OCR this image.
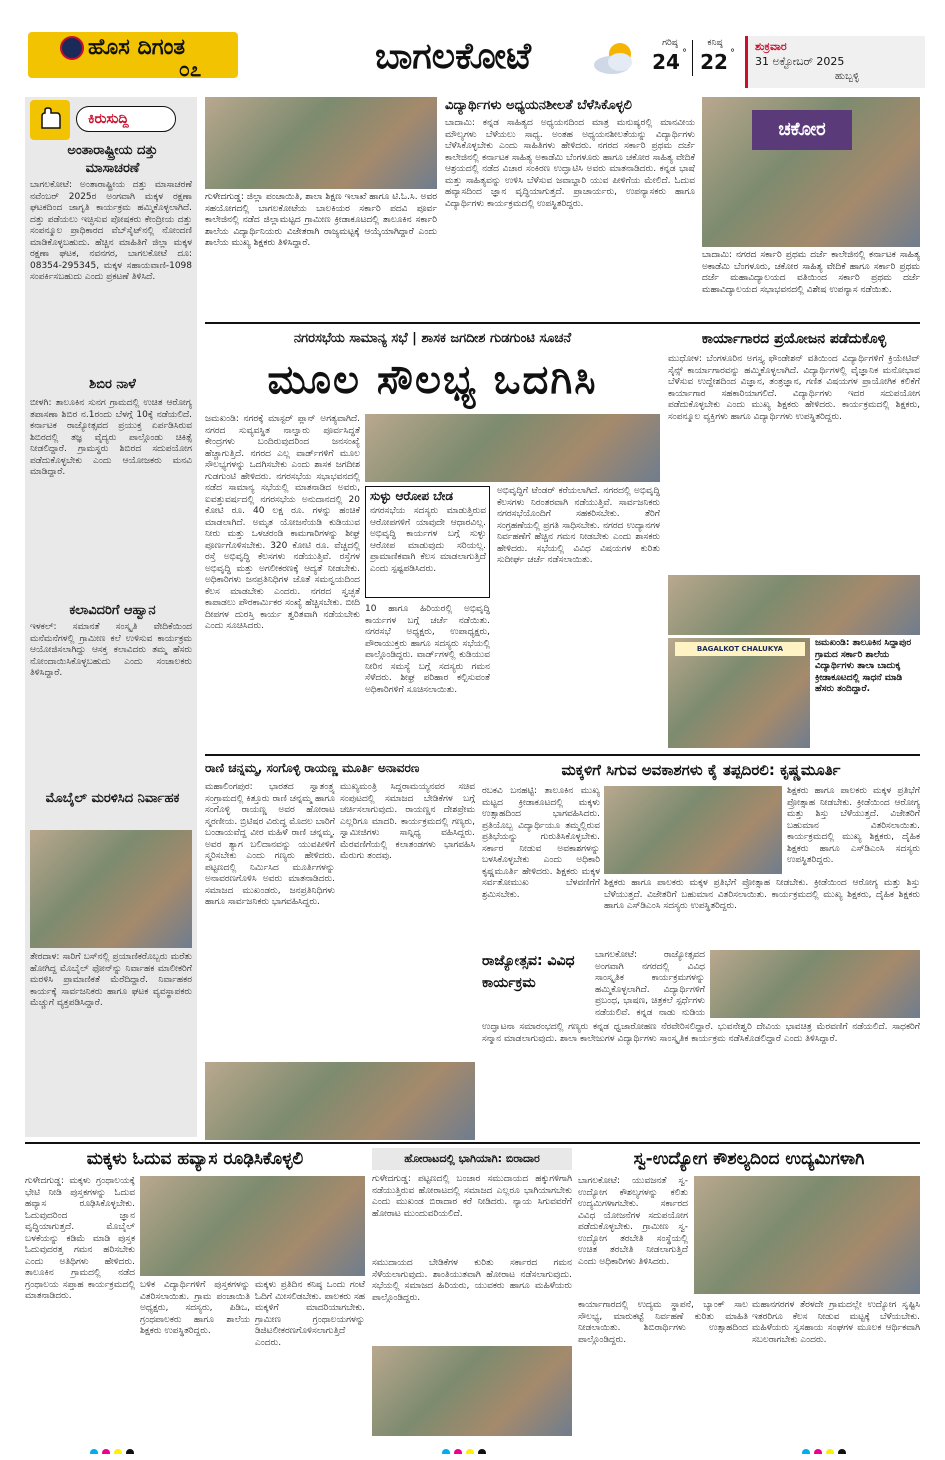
ಹೊಸ ದಿಗಂತ
೦೭	ಬಾಗಲಕೋಟೆ	ಗರಿಷ್ಠ
24 °
ಕನಿಷ್ಠ
22 °
ಶುಕ್ರವಾರ
31 ಅಕ್ಟೋಬರ್ 2025
ಹುಬ್ಬಳ್ಳಿ
ಕಿರುಸುದ್ದಿ
ಅಂತಾರಾಷ್ಟ್ರೀಯ ದತ್ತು ಮಾಸಾಚರಣೆ
ಬಾಗಲಕೋಟೆ: ಅಂತಾರಾಷ್ಟ್ರೀಯ ದತ್ತು ಮಾಸಾಚರಣೆ ನವೆಂಬರ್ 2025ರ ಅಂಗವಾಗಿ ಮಕ್ಕಳ ರಕ್ಷಣಾ ಘಟಕದಿಂದ ಜಾಗೃತಿ ಕಾರ್ಯಕ್ರಮ ಹಮ್ಮಿಕೊಳ್ಳಲಾಗಿದೆ. ದತ್ತು ಪಡೆಯಲು ಇಚ್ಛಿಸುವ ಪೋಷಕರು ಕೇಂದ್ರೀಯ ದತ್ತು ಸಂಪನ್ಮೂಲ ಪ್ರಾಧಿಕಾರದ ವೆಬ್‌ಸೈಟ್‌ನಲ್ಲಿ ನೋಂದಣಿ ಮಾಡಿಕೊಳ್ಳಬಹುದು. ಹೆಚ್ಚಿನ ಮಾಹಿತಿಗೆ ಜಿಲ್ಲಾ ಮಕ್ಕಳ ರಕ್ಷಣಾ ಘಟಕ, ನವನಗರ, ಬಾಗಲಕೋಟೆ ದೂ: 08354-295345, ಮಕ್ಕಳ ಸಹಾಯವಾಣಿ-1098 ಸಂಪರ್ಕಿಸಬಹುದು ಎಂದು ಪ್ರಕಟಣೆ ತಿಳಿಸಿದೆ.
ಶಿಬಿರ ನಾಳೆ
ಬೀಳಗಿ: ತಾಲೂಕಿನ ಸುನಗ ಗ್ರಾಮದಲ್ಲಿ ಉಚಿತ ಆರೋಗ್ಯ ತಪಾಸಣಾ ಶಿಬಿರ ನ.1ರಂದು ಬೆಳಗ್ಗೆ 10ಕ್ಕೆ ನಡೆಯಲಿದೆ. ಕರ್ನಾಟಕ ರಾಜ್ಯೋತ್ಸವದ ಪ್ರಯುಕ್ತ ಏರ್ಪಡಿಸಿರುವ ಶಿಬಿರದಲ್ಲಿ ತಜ್ಞ ವೈದ್ಯರು ಪಾಲ್ಗೊಂಡು ಚಿಕಿತ್ಸೆ ನೀಡಲಿದ್ದಾರೆ. ಗ್ರಾಮಸ್ಥರು ಶಿಬಿರದ ಸದುಪಯೋಗ ಪಡೆದುಕೊಳ್ಳಬೇಕು ಎಂದು ಆಯೋಜಕರು ಮನವಿ ಮಾಡಿದ್ದಾರೆ.
ಕಲಾವಿದರಿಗೆ ಆಹ್ವಾನ
ಇಳಕಲ್: ಸಮಾನತೆ ಸಂಸ್ಕೃತಿ ವೇದಿಕೆಯಿಂದ ಮನೆಮನೆಗಳಲ್ಲಿ ಗ್ರಾಮೀಣ ಕಲೆ ಉಳಿಸುವ ಕಾರ್ಯಕ್ರಮ ಆಯೋಜಿಸಲಾಗಿದ್ದು ಆಸಕ್ತ ಕಲಾವಿದರು ತಮ್ಮ ಹೆಸರು ನೋಂದಾಯಿಸಿಕೊಳ್ಳಬಹುದು ಎಂದು ಸಂಚಾಲಕರು ತಿಳಿಸಿದ್ದಾರೆ.
ಮೊಬೈಲ್ ಮರಳಿಸಿದ ನಿರ್ವಾಹಕ
ತೇರದಾಳ: ಸಾರಿಗೆ ಬಸ್‌ನಲ್ಲಿ ಪ್ರಯಾಣಿಕರೊಬ್ಬರು ಮರೆತು ಹೋಗಿದ್ದ ಮೊಬೈಲ್ ಫೋನ್‌ನ್ನು ನಿರ್ವಾಹಕ ಮಾಲೀಕರಿಗೆ ಮರಳಿಸಿ ಪ್ರಾಮಾಣಿಕತೆ ಮೆರೆದಿದ್ದಾರೆ. ನಿರ್ವಾಹಕರ ಕಾರ್ಯಕ್ಕೆ ಸಾರ್ವಜನಿಕರು ಹಾಗೂ ಘಟಕ ವ್ಯವಸ್ಥಾಪಕರು ಮೆಚ್ಚುಗೆ ವ್ಯಕ್ತಪಡಿಸಿದ್ದಾರೆ.
ಗುಳೇದಗುಡ್ಡ: ಜಿಲ್ಲಾ ಪಂಚಾಯಿತಿ, ಶಾಲಾ ಶಿಕ್ಷಣ ಇಲಾಖೆ ಹಾಗೂ ಟಿ.ಓ.ಸಿ. ಅವರ ಸಹಯೋಗದಲ್ಲಿ ಬಾಗಲಕೋಟೆಯ ಬಾಲಕಿಯರ ಸರ್ಕಾರಿ ಪದವಿ ಪೂರ್ವ ಕಾಲೇಜಿನಲ್ಲಿ ನಡೆದ ಜಿಲ್ಲಾಮಟ್ಟದ ಗ್ರಾಮೀಣ ಕ್ರೀಡಾಕೂಟದಲ್ಲಿ ತಾಲೂಕಿನ ಸರ್ಕಾರಿ ಶಾಲೆಯ ವಿದ್ಯಾರ್ಥಿನಿಯರು ವಿಜೇತರಾಗಿ ರಾಜ್ಯಮಟ್ಟಕ್ಕೆ ಆಯ್ಕೆಯಾಗಿದ್ದಾರೆ ಎಂದು ಶಾಲೆಯ ಮುಖ್ಯ ಶಿಕ್ಷಕರು ತಿಳಿಸಿದ್ದಾರೆ.
ವಿದ್ಯಾರ್ಥಿಗಳು ಅಧ್ಯಯನಶೀಲತೆ ಬೆಳೆಸಿಕೊಳ್ಳಲಿ
ಬಾದಾಮಿ: ಕನ್ನಡ ಸಾಹಿತ್ಯದ ಅಧ್ಯಯನದಿಂದ ಮಾತ್ರ ಮನುಷ್ಯರಲ್ಲಿ ಮಾನವೀಯ ಮೌಲ್ಯಗಳು ಬೆಳೆಯಲು ಸಾಧ್ಯ. ಅಂತಹ ಅಧ್ಯಯನಶೀಲತೆಯನ್ನು ವಿದ್ಯಾರ್ಥಿಗಳು ಬೆಳೆಸಿಕೊಳ್ಳಬೇಕು ಎಂದು ಸಾಹಿತಿಗಳು ಹೇಳಿದರು. ನಗರದ ಸರ್ಕಾರಿ ಪ್ರಥಮ ದರ್ಜೆ ಕಾಲೇಜಿನಲ್ಲಿ ಕರ್ನಾಟಕ ಸಾಹಿತ್ಯ ಅಕಾಡೆಮಿ ಬೆಂಗಳೂರು ಹಾಗೂ ಚಕೋರ ಸಾಹಿತ್ಯ ವೇದಿಕೆ ಆಶ್ರಯದಲ್ಲಿ ನಡೆದ ವಿಚಾರ ಸಂಕಿರಣ ಉದ್ಘಾಟಿಸಿ ಅವರು ಮಾತನಾಡಿದರು. ಕನ್ನಡ ಭಾಷೆ ಮತ್ತು ಸಾಹಿತ್ಯವನ್ನು ಉಳಿಸಿ ಬೆಳೆಸುವ ಜವಾಬ್ದಾರಿ ಯುವ ಪೀಳಿಗೆಯ ಮೇಲಿದೆ. ಓದುವ ಹವ್ಯಾಸದಿಂದ ಜ್ಞಾನ ವೃದ್ಧಿಯಾಗುತ್ತದೆ. ಪ್ರಾಚಾರ್ಯರು, ಉಪನ್ಯಾಸಕರು ಹಾಗೂ ವಿದ್ಯಾರ್ಥಿಗಳು ಕಾರ್ಯಕ್ರಮದಲ್ಲಿ ಉಪಸ್ಥಿತರಿದ್ದರು.
ಚಕೋರ
ಬಾದಾಮಿ: ನಗರದ ಸರ್ಕಾರಿ ಪ್ರಥಮ ದರ್ಜೆ ಕಾಲೇಜಿನಲ್ಲಿ ಕರ್ನಾಟಕ ಸಾಹಿತ್ಯ ಅಕಾಡೆಮಿ ಬೆಂಗಳೂರು, ಚಕೋರ ಸಾಹಿತ್ಯ ವೇದಿಕೆ ಹಾಗೂ ಸರ್ಕಾರಿ ಪ್ರಥಮ ದರ್ಜೆ ಮಹಾವಿದ್ಯಾಲಯದ ವತಿಯಿಂದ ಸರ್ಕಾರಿ ಪ್ರಥಮ ದರ್ಜೆ ಮಹಾವಿದ್ಯಾಲಯದ ಸಭಾಭವನದಲ್ಲಿ ವಿಶೇಷ ಉಪನ್ಯಾಸ ನಡೆಯಿತು.
ನಗರಸಭೆಯ ಸಾಮಾನ್ಯ ಸಭೆ | ಶಾಸಕ ಜಗದೀಶ ಗುಡಗುಂಟಿ ಸೂಚನೆ
ಮೂಲ ಸೌಲಭ್ಯ ಒದಗಿಸಿ
ಜಮಖಂಡಿ: ನಗರಕ್ಕೆ ಮಾಸ್ಟರ್ ಪ್ಲಾನ್ ಅಗತ್ಯವಾಗಿದೆ. ನಗರದ ಸುವ್ಯವಸ್ಥಿತ ನಾಲ್ವಾರು ಪೂರ್ವಸಿದ್ಧತೆ ಕೇಂದ್ರಗಳು ಬಂದಿರುವುದರಿಂದ ಜನಸಂಖ್ಯೆ ಹೆಚ್ಚಾಗುತ್ತಿದೆ. ನಗರದ ಎಲ್ಲ ವಾರ್ಡ್‌ಗಳಿಗೆ ಮೂಲ ಸೌಲಭ್ಯಗಳನ್ನು ಒದಗಿಸಬೇಕು ಎಂದು ಶಾಸಕ ಜಗದೀಶ ಗುಡಗುಂಟಿ ಹೇಳಿದರು. ನಗರಸಭೆಯ ಸಭಾಭವನದಲ್ಲಿ ನಡೆದ ಸಾಮಾನ್ಯ ಸಭೆಯಲ್ಲಿ ಮಾತನಾಡಿದ ಅವರು, ಐವತ್ತುವರ್ಷದಲ್ಲಿ ನಗರಸಭೆಯ ಅನುದಾನದಲ್ಲಿ 20 ಕೋಟಿ ರೂ. 40 ಲಕ್ಷ ರೂ. ಗಳನ್ನು ಹಂಚಿಕೆ ಮಾಡಲಾಗಿದೆ. ಅಮೃತ ಯೋಜನೆಯಡಿ ಕುಡಿಯುವ ನೀರು ಮತ್ತು ಒಳಚರಂಡಿ ಕಾಮಗಾರಿಗಳನ್ನು ಶೀಘ್ರ ಪೂರ್ಣಗೊಳಿಸಬೇಕು. 320 ಕೋಟಿ ರೂ. ವೆಚ್ಚದಲ್ಲಿ ರಸ್ತೆ ಅಭಿವೃದ್ಧಿ ಕೆಲಸಗಳು ನಡೆಯುತ್ತಿವೆ. ರಸ್ತೆಗಳ ಅಭಿವೃದ್ಧಿ ಮತ್ತು ಅಗಲೀಕರಣಕ್ಕೆ ಆದ್ಯತೆ ನೀಡಬೇಕು. ಅಧಿಕಾರಿಗಳು ಜನಪ್ರತಿನಿಧಿಗಳ ಜೊತೆ ಸಮನ್ವಯದಿಂದ ಕೆಲಸ ಮಾಡಬೇಕು ಎಂದರು. ನಗರದ ಸ್ವಚ್ಛತೆ ಕಾಪಾಡಲು ಪೌರಕಾರ್ಮಿಕರ ಸಂಖ್ಯೆ ಹೆಚ್ಚಿಸಬೇಕು. ಬೀದಿ ದೀಪಗಳ ದುರಸ್ತಿ ಕಾರ್ಯ ತ್ವರಿತವಾಗಿ ನಡೆಯಬೇಕು ಎಂದು ಸೂಚಿಸಿದರು.
ಸುಳ್ಳು ಆರೋಪ ಬೇಡ
ನಗರಸಭೆಯ ಸದಸ್ಯರು ಮಾಡುತ್ತಿರುವ ಆರೋಪಗಳಿಗೆ ಯಾವುದೇ ಆಧಾರವಿಲ್ಲ. ಅಭಿವೃದ್ಧಿ ಕಾರ್ಯಗಳ ಬಗ್ಗೆ ಸುಳ್ಳು ಆರೋಪ ಮಾಡುವುದು ಸರಿಯಲ್ಲ. ಪ್ರಾಮಾಣಿಕವಾಗಿ ಕೆಲಸ ಮಾಡಲಾಗುತ್ತಿದೆ ಎಂದು ಸ್ಪಷ್ಟಪಡಿಸಿದರು.
10 ಹಾಗೂ ಹಿರಿಯರಲ್ಲಿ ಅಭಿವೃದ್ಧಿ ಕಾರ್ಯಗಳ ಬಗ್ಗೆ ಚರ್ಚೆ ನಡೆಯಿತು. ನಗರಸಭೆ ಅಧ್ಯಕ್ಷರು, ಉಪಾಧ್ಯಕ್ಷರು, ಪೌರಾಯುಕ್ತರು ಹಾಗೂ ಸದಸ್ಯರು ಸಭೆಯಲ್ಲಿ ಪಾಲ್ಗೊಂಡಿದ್ದರು. ವಾರ್ಡ್‌ಗಳಲ್ಲಿ ಕುಡಿಯುವ ನೀರಿನ ಸಮಸ್ಯೆ ಬಗ್ಗೆ ಸದಸ್ಯರು ಗಮನ ಸೆಳೆದರು. ಶೀಘ್ರ ಪರಿಹಾರ ಕಲ್ಪಿಸುವಂತೆ ಅಧಿಕಾರಿಗಳಿಗೆ ಸೂಚಿಸಲಾಯಿತು.
ಅಭಿವೃದ್ಧಿಗೆ ಟೆಂಡರ್ ಕರೆಯಲಾಗಿದೆ. ನಗರದಲ್ಲಿ ಅಭಿವೃದ್ಧಿ ಕೆಲಸಗಳು ನಿರಂತರವಾಗಿ ನಡೆಯುತ್ತಿವೆ. ಸಾರ್ವಜನಿಕರು ನಗರಸಭೆಯೊಂದಿಗೆ ಸಹಕರಿಸಬೇಕು. ತೆರಿಗೆ ಸಂಗ್ರಹಣೆಯಲ್ಲಿ ಪ್ರಗತಿ ಸಾಧಿಸಬೇಕು. ನಗರದ ಉದ್ಯಾನಗಳ ನಿರ್ವಹಣೆಗೆ ಹೆಚ್ಚಿನ ಗಮನ ನೀಡಬೇಕು ಎಂದು ಶಾಸಕರು ಹೇಳಿದರು. ಸಭೆಯಲ್ಲಿ ವಿವಿಧ ವಿಷಯಗಳ ಕುರಿತು ಸುದೀರ್ಘ ಚರ್ಚೆ ನಡೆಸಲಾಯಿತು.
ಕಾರ್ಯಾಗಾರದ ಪ್ರಯೋಜನ ಪಡೆದುಕೊಳ್ಳಿ
ಮುಧೋಳ: ಬೆಂಗಳೂರಿನ ಅಗಸ್ತ್ಯ ಫೌಂಡೇಶನ್ ವತಿಯಿಂದ ವಿದ್ಯಾರ್ಥಿಗಳಿಗೆ ಕ್ರಿಯೇಟಿವ್ ಸೈನ್ಸ್ ಕಾರ್ಯಾಗಾರವನ್ನು ಹಮ್ಮಿಕೊಳ್ಳಲಾಗಿದೆ. ವಿದ್ಯಾರ್ಥಿಗಳಲ್ಲಿ ವೈಜ್ಞಾನಿಕ ಮನೋಭಾವ ಬೆಳೆಸುವ ಉದ್ದೇಶದಿಂದ ವಿಜ್ಞಾನ, ತಂತ್ರಜ್ಞಾನ, ಗಣಿತ ವಿಷಯಗಳ ಪ್ರಾಯೋಗಿಕ ಕಲಿಕೆಗೆ ಕಾರ್ಯಾಗಾರ ಸಹಕಾರಿಯಾಗಲಿದೆ. ವಿದ್ಯಾರ್ಥಿಗಳು ಇದರ ಸದುಪಯೋಗ ಪಡೆದುಕೊಳ್ಳಬೇಕು ಎಂದು ಮುಖ್ಯ ಶಿಕ್ಷಕರು ಹೇಳಿದರು. ಕಾರ್ಯಕ್ರಮದಲ್ಲಿ ಶಿಕ್ಷಕರು, ಸಂಪನ್ಮೂಲ ವ್ಯಕ್ತಿಗಳು ಹಾಗೂ ವಿದ್ಯಾರ್ಥಿಗಳು ಉಪಸ್ಥಿತರಿದ್ದರು.
BAGALKOT CHALUKYA
ಜಮಖಂಡಿ: ತಾಲೂಕಿನ ಸಿದ್ದಾಪುರ ಗ್ರಾಮದ ಸರ್ಕಾರಿ ಶಾಲೆಯ ವಿದ್ಯಾರ್ಥಿಗಳು ತಾಲಾ ಬಾದುಕ್ಕ ಕ್ರೀಡಾಕೂಟದಲ್ಲಿ ಸಾಧನೆ ಮಾಡಿ ಹೆಸರು ತಂದಿದ್ದಾರೆ.
ರಾಣಿ ಚನ್ನಮ್ಮ, ಸಂಗೊಳ್ಳಿ ರಾಯಣ್ಣ ಮೂರ್ತಿ ಅನಾವರಣ
ಮಹಾಲಿಂಗಪುರ: ಭಾರತದ ಸ್ವಾತಂತ್ರ್ಯ ಸಂಗ್ರಾಮದಲ್ಲಿ ಕಿತ್ತೂರು ರಾಣಿ ಚನ್ನಮ್ಮ ಹಾಗೂ ಸಂಗೊಳ್ಳಿ ರಾಯಣ್ಣ ಅವರ ಹೋರಾಟ ಸ್ಮರಣೀಯ. ಬ್ರಿಟಿಷರ ವಿರುದ್ಧ ಮೊದಲ ಬಾರಿಗೆ ಬಂಡಾಯವೆದ್ದ ವೀರ ಮಹಿಳೆ ರಾಣಿ ಚನ್ನಮ್ಮ. ಅವರ ತ್ಯಾಗ ಬಲಿದಾನವನ್ನು ಯುವಪೀಳಿಗೆ ಸ್ಮರಿಸಬೇಕು ಎಂದು ಗಣ್ಯರು ಹೇಳಿದರು. ಪಟ್ಟಣದಲ್ಲಿ ನಿರ್ಮಿಸಿದ ಮೂರ್ತಿಗಳನ್ನು ಅನಾವರಣಗೊಳಿಸಿ ಅವರು ಮಾತನಾಡಿದರು. ಸಮಾಜದ ಮುಖಂಡರು, ಜನಪ್ರತಿನಿಧಿಗಳು ಹಾಗೂ ಸಾರ್ವಜನಿಕರು ಭಾಗವಹಿಸಿದ್ದರು.
ಮುಖ್ಯಮಂತ್ರಿ ಸಿದ್ದರಾಮಯ್ಯನವರ ಸಚಿವ ಸಂಪುಟದಲ್ಲಿ ಸಮಾಜದ ಬೇಡಿಕೆಗಳ ಬಗ್ಗೆ ಚರ್ಚಿಸಲಾಗುವುದು. ರಾಯಣ್ಣನ ದೇಶಪ್ರೇಮ ಎಲ್ಲರಿಗೂ ಮಾದರಿ. ಕಾರ್ಯಕ್ರಮದಲ್ಲಿ ಗಣ್ಯರು, ಸ್ವಾಮೀಜಿಗಳು ಸಾನ್ನಿಧ್ಯ ವಹಿಸಿದ್ದರು. ಮೆರವಣಿಗೆಯಲ್ಲಿ ಕಲಾತಂಡಗಳು ಭಾಗವಹಿಸಿ ಮೆರುಗು ತಂದವು.
ಮಕ್ಕಳಿಗೆ ಸಿಗುವ ಅವಕಾಶಗಳು ಕೈ ತಪ್ಪದಿರಲಿ: ಕೃಷ್ಣಮೂರ್ತಿ
ರಬಕವಿ ಬನಹಟ್ಟಿ: ತಾಲೂಕಿನ ಮುಖ್ಯ ಮಟ್ಟದ ಕ್ರೀಡಾಕೂಟದಲ್ಲಿ ಮಕ್ಕಳು ಉತ್ಸಾಹದಿಂದ ಭಾಗವಹಿಸಿದರು. ಪ್ರತಿಯೊಬ್ಬ ವಿದ್ಯಾರ್ಥಿಯೂ ತಮ್ಮಲ್ಲಿರುವ ಪ್ರತಿಭೆಯನ್ನು ಗುರುತಿಸಿಕೊಳ್ಳಬೇಕು. ಸರ್ಕಾರ ನೀಡುವ ಅವಕಾಶಗಳನ್ನು ಬಳಸಿಕೊಳ್ಳಬೇಕು ಎಂದು ಅಧಿಕಾರಿ ಕೃಷ್ಣಮೂರ್ತಿ ಹೇಳಿದರು. ಶಿಕ್ಷಕರು ಮಕ್ಕಳ ಸರ್ವತೋಮುಖ ಬೆಳವಣಿಗೆಗೆ ಶ್ರಮಿಸಬೇಕು.
ಶಿಕ್ಷಕರು ಹಾಗೂ ಪಾಲಕರು ಮಕ್ಕಳ ಪ್ರತಿಭೆಗೆ ಪ್ರೋತ್ಸಾಹ ನೀಡಬೇಕು. ಕ್ರೀಡೆಯಿಂದ ಆರೋಗ್ಯ ಮತ್ತು ಶಿಸ್ತು ಬೆಳೆಯುತ್ತದೆ. ವಿಜೇತರಿಗೆ ಬಹುಮಾನ ವಿತರಿಸಲಾಯಿತು. ಕಾರ್ಯಕ್ರಮದಲ್ಲಿ ಮುಖ್ಯ ಶಿಕ್ಷಕರು, ದೈಹಿಕ ಶಿಕ್ಷಕರು ಹಾಗೂ ಎಸ್‌ಡಿಎಂಸಿ ಸದಸ್ಯರು ಉಪಸ್ಥಿತರಿದ್ದರು.
ಶಿಕ್ಷಕರು ಹಾಗೂ ಪಾಲಕರು ಮಕ್ಕಳ ಪ್ರತಿಭೆಗೆ ಪ್ರೋತ್ಸಾಹ ನೀಡಬೇಕು. ಕ್ರೀಡೆಯಿಂದ ಆರೋಗ್ಯ ಮತ್ತು ಶಿಸ್ತು ಬೆಳೆಯುತ್ತದೆ. ವಿಜೇತರಿಗೆ ಬಹುಮಾನ ವಿತರಿಸಲಾಯಿತು. ಕಾರ್ಯಕ್ರಮದಲ್ಲಿ ಮುಖ್ಯ ಶಿಕ್ಷಕರು, ದೈಹಿಕ ಶಿಕ್ಷಕರು ಹಾಗೂ ಎಸ್‌ಡಿಎಂಸಿ ಸದಸ್ಯರು ಉಪಸ್ಥಿತರಿದ್ದರು.
ರಾಜ್ಯೋತ್ಸವ: ವಿವಿಧ ಕಾರ್ಯಕ್ರಮ
ಬಾಗಲಕೋಟೆ: ರಾಜ್ಯೋತ್ಸವದ ಅಂಗವಾಗಿ ನಗರದಲ್ಲಿ ವಿವಿಧ ಸಾಂಸ್ಕೃತಿಕ ಕಾರ್ಯಕ್ರಮಗಳನ್ನು ಹಮ್ಮಿಕೊಳ್ಳಲಾಗಿದೆ. ವಿದ್ಯಾರ್ಥಿಗಳಿಗೆ ಪ್ರಬಂಧ, ಭಾಷಣ, ಚಿತ್ರಕಲೆ ಸ್ಪರ್ಧೆಗಳು ನಡೆಯಲಿವೆ. ಕನ್ನಡ ನಾಡು ನುಡಿಯ
ಉದ್ಘಾಟನಾ ಸಮಾರಂಭದಲ್ಲಿ ಗಣ್ಯರು ಕನ್ನಡ ಧ್ವಜಾರೋಹಣ ನೆರವೇರಿಸಲಿದ್ದಾರೆ. ಭುವನೇಶ್ವರಿ ದೇವಿಯ ಭಾವಚಿತ್ರ ಮೆರವಣಿಗೆ ನಡೆಯಲಿದೆ. ಸಾಧಕರಿಗೆ ಸನ್ಮಾನ ಮಾಡಲಾಗುವುದು. ಶಾಲಾ ಕಾಲೇಜುಗಳ ವಿದ್ಯಾರ್ಥಿಗಳು ಸಾಂಸ್ಕೃತಿಕ ಕಾರ್ಯಕ್ರಮ ನಡೆಸಿಕೊಡಲಿದ್ದಾರೆ ಎಂದು ತಿಳಿಸಿದ್ದಾರೆ.
ಮಕ್ಕಳು ಓದುವ ಹವ್ಯಾಸ ರೂಢಿಸಿಕೊಳ್ಳಲಿ
ಗುಳೇದಗುಡ್ಡ: ಮಕ್ಕಳು ಗ್ರಂಥಾಲಯಕ್ಕೆ ಭೇಟಿ ನೀಡಿ ಪುಸ್ತಕಗಳನ್ನು ಓದುವ ಹವ್ಯಾಸ ರೂಢಿಸಿಕೊಳ್ಳಬೇಕು. ಓದುವುದರಿಂದ ಜ್ಞಾನ ವೃದ್ಧಿಯಾಗುತ್ತದೆ. ಮೊಬೈಲ್ ಬಳಕೆಯನ್ನು ಕಡಿಮೆ ಮಾಡಿ ಪುಸ್ತಕ ಓದುವುದರತ್ತ ಗಮನ ಹರಿಸಬೇಕು ಎಂದು ಅತಿಥಿಗಳು ಹೇಳಿದರು. ತಾಲೂಕಿನ ಗ್ರಾಮದಲ್ಲಿ ನಡೆದ ಗ್ರಂಥಾಲಯ ಸಪ್ತಾಹ ಕಾರ್ಯಕ್ರಮದಲ್ಲಿ ಮಾತನಾಡಿದರು.
ಬಳಿಕ ವಿದ್ಯಾರ್ಥಿಗಳಿಗೆ ಪುಸ್ತಕಗಳನ್ನು ವಿತರಿಸಲಾಯಿತು. ಗ್ರಾಮ ಪಂಚಾಯಿತಿ ಅಧ್ಯಕ್ಷರು, ಸದಸ್ಯರು, ಪಿಡಿಒ, ಗ್ರಂಥಪಾಲಕರು ಹಾಗೂ ಶಾಲೆಯ ಶಿಕ್ಷಕರು ಉಪಸ್ಥಿತರಿದ್ದರು.
ಮಕ್ಕಳು ಪ್ರತಿದಿನ ಕನಿಷ್ಠ ಒಂದು ಗಂಟೆ ಓದಿಗೆ ಮೀಸಲಿಡಬೇಕು. ಪಾಲಕರು ಸಹ ಮಕ್ಕಳಿಗೆ ಮಾದರಿಯಾಗಬೇಕು. ಗ್ರಾಮೀಣ ಗ್ರಂಥಾಲಯಗಳನ್ನು ಡಿಜಿಟಲೀಕರಣಗೊಳಿಸಲಾಗುತ್ತಿದೆ ಎಂದರು.
ಹೋರಾಟದಲ್ಲಿ ಭಾಗಿಯಾಗಿ: ಬಿರಾದಾರ
ಗುಳೇದಗುಡ್ಡ: ಪಟ್ಟಣದಲ್ಲಿ ಬಂಜಾರ ಸಮುದಾಯದ ಹಕ್ಕುಗಳಿಗಾಗಿ ನಡೆಯುತ್ತಿರುವ ಹೋರಾಟದಲ್ಲಿ ಸಮಾಜದ ಎಲ್ಲರೂ ಭಾಗಿಯಾಗಬೇಕು ಎಂದು ಮುಖಂಡ ಬಿರಾದಾರ ಕರೆ ನೀಡಿದರು. ನ್ಯಾಯ ಸಿಗುವವರೆಗೆ ಹೋರಾಟ ಮುಂದುವರಿಯಲಿದೆ.
ಸಮುದಾಯದ ಬೇಡಿಕೆಗಳ ಕುರಿತು ಸರ್ಕಾರದ ಗಮನ ಸೆಳೆಯಲಾಗುವುದು. ಶಾಂತಿಯುತವಾಗಿ ಹೋರಾಟ ನಡೆಸಲಾಗುವುದು. ಸಭೆಯಲ್ಲಿ ಸಮಾಜದ ಹಿರಿಯರು, ಯುವಕರು ಹಾಗೂ ಮಹಿಳೆಯರು ಪಾಲ್ಗೊಂಡಿದ್ದರು.
ಸ್ವ-ಉದ್ಯೋಗ ಕೌಶಲ್ಯದಿಂದ ಉದ್ಯಮಿಗಳಾಗಿ
ಬಾಗಲಕೋಟೆ: ಯುವಜನತೆ ಸ್ವ-ಉದ್ಯೋಗ ಕೌಶಲ್ಯಗಳನ್ನು ಕಲಿತು ಉದ್ಯಮಿಗಳಾಗಬೇಕು. ಸರ್ಕಾರದ ವಿವಿಧ ಯೋಜನೆಗಳ ಸದುಪಯೋಗ ಪಡೆದುಕೊಳ್ಳಬೇಕು. ಗ್ರಾಮೀಣ ಸ್ವ-ಉದ್ಯೋಗ ತರಬೇತಿ ಸಂಸ್ಥೆಯಲ್ಲಿ ಉಚಿತ ತರಬೇತಿ ನೀಡಲಾಗುತ್ತಿದೆ ಎಂದು ಅಧಿಕಾರಿಗಳು ತಿಳಿಸಿದರು.
ಕಾರ್ಯಾಗಾರದಲ್ಲಿ ಉದ್ಯಮ ಸ್ಥಾಪನೆ, ಬ್ಯಾಂಕ್ ಸಾಲ ಸೌಲಭ್ಯ, ಮಾರುಕಟ್ಟೆ ನಿರ್ವಹಣೆ ಕುರಿತು ಮಾಹಿತಿ ನೀಡಲಾಯಿತು. ಶಿಬಿರಾರ್ಥಿಗಳು ಉತ್ಸಾಹದಿಂದ ಪಾಲ್ಗೊಂಡಿದ್ದರು.
ಮಹಾನಗರಗಳ ತೆರಳದೇ ಗ್ರಾಮದಲ್ಲೇ ಉದ್ಯೋಗ ಸೃಷ್ಟಿಸಿ ಇತರರಿಗೂ ಕೆಲಸ ನೀಡುವ ಮಟ್ಟಕ್ಕೆ ಬೆಳೆಯಬೇಕು. ಮಹಿಳೆಯರು ಸ್ವಸಹಾಯ ಸಂಘಗಳ ಮೂಲಕ ಆರ್ಥಿಕವಾಗಿ ಸಬಲರಾಗಬೇಕು ಎಂದರು.
